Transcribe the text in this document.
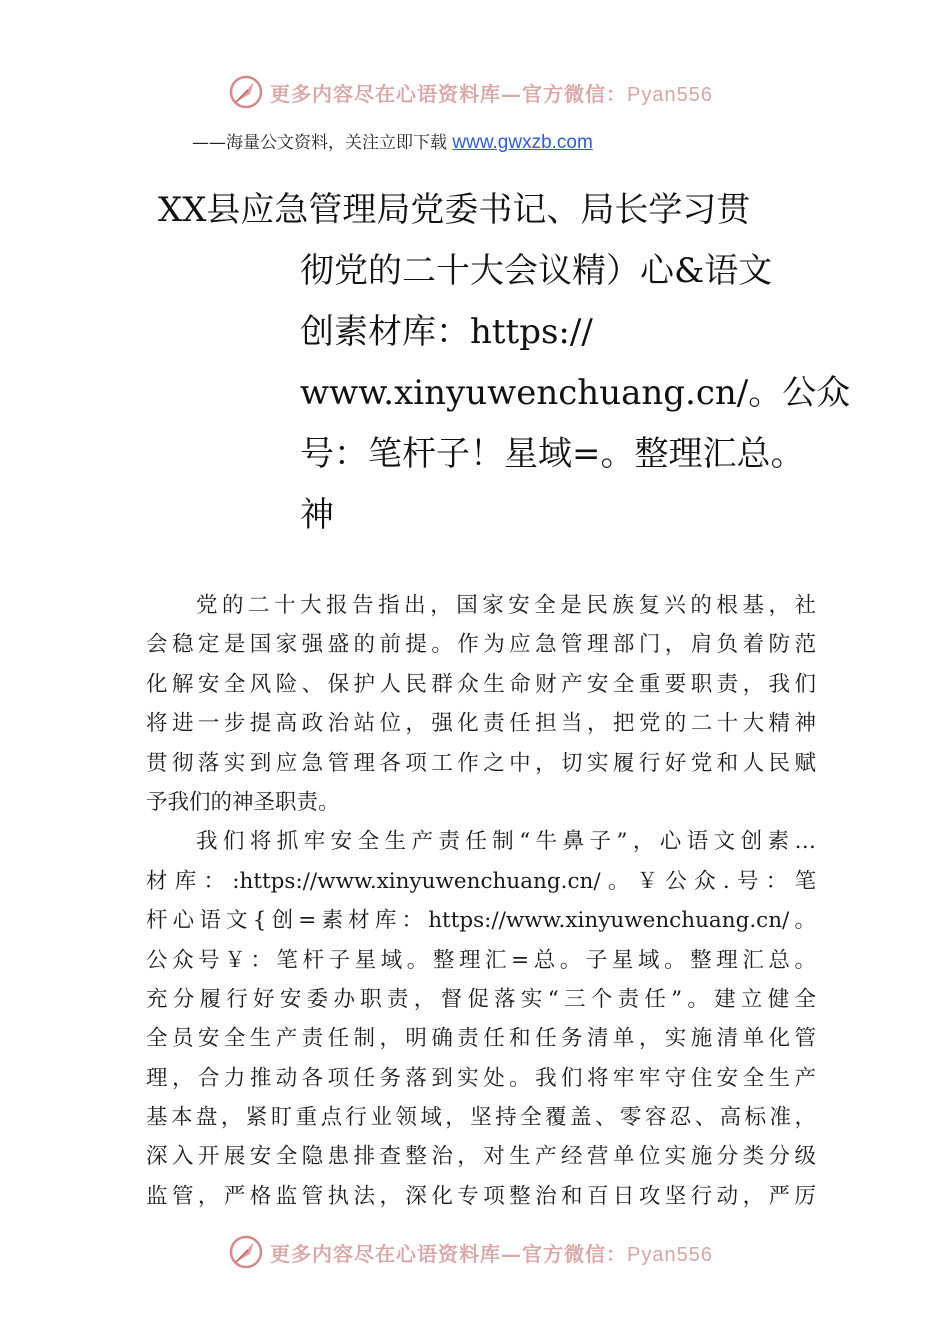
更多内容尽在心语资料库—官方微信：Pyan556
——海量公文资料，关注立即下载 www.gwxzb.com
XX县应急管理局党委书记、局长学习贯
彻党的二十大会议精）心&语文
创素材库：https://
www.xinyuwenchuang.cn/。公众
号：笔杆子！星域=。整理汇总。
神
党的二十大报告指出，国家安全是民族复兴的根基，社
会稳定是国家强盛的前提。作为应急管理部门，肩负着防范
化解安全风险、保护人民群众生命财产安全重要职责，我们
将进一步提高政治站位，强化责任担当，把党的二十大精神
贯彻落实到应急管理各项工作之中，切实履行好党和人民赋
予我们的神圣职责。
我们将抓牢安全生产责任制“牛鼻子”，心语文创素…
材库：:https://www.xinyuwenchuang.cn/。￥公众.号：笔
杆心语文{创=素材库：https://www.xinyuwenchuang.cn/。
公众号￥：笔杆子星域。整理汇=总。子星域。整理汇总。
充分履行好安委办职责，督促落实“三个责任”。建立健全
全员安全生产责任制，明确责任和任务清单，实施清单化管
理，合力推动各项任务落到实处。我们将牢牢守住安全生产
基本盘，紧盯重点行业领域，坚持全覆盖、零容忍、高标准，
深入开展安全隐患排查整治，对生产经营单位实施分类分级
监管，严格监管执法，深化专项整治和百日攻坚行动，严厉
更多内容尽在心语资料库—官方微信：Pyan556
